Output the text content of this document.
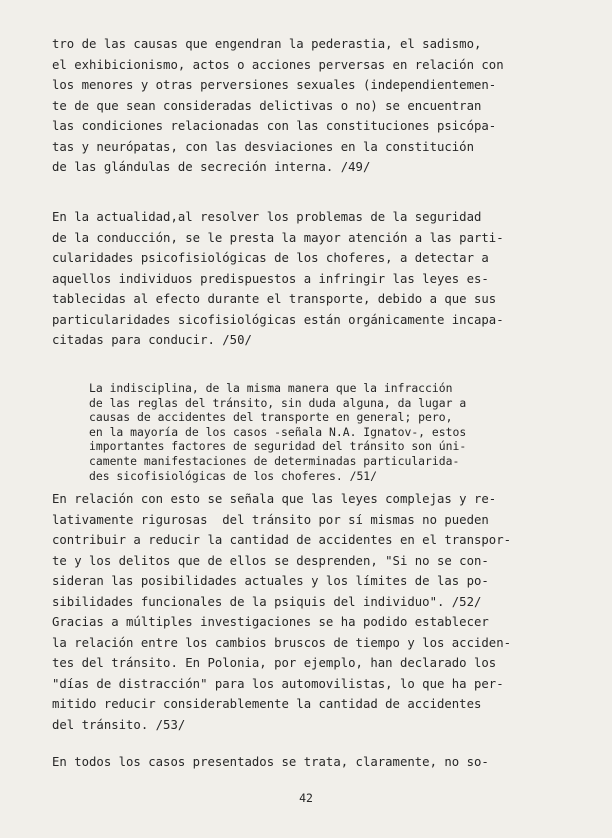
tro de las causas que engendran la pederastia, el sadismo,
el exhibicionismo, actos o acciones perversas en relación con
los menores y otras perversiones sexuales (independientemen-
te de que sean consideradas delictivas o no) se encuentran
las condiciones relacionadas con las constituciones psicópa-
tas y neurópatas, con las desviaciones en la constitución
de las glándulas de secreción interna. /49/
En la actualidad,al resolver los problemas de la seguridad
de la conducción, se le presta la mayor atención a las parti-
cularidades psicofisiológicas de los choferes, a detectar a
aquellos individuos predispuestos a infringir las leyes es-
tablecidas al efecto durante el transporte, debido a que sus
particularidades sicofisiológicas están orgánicamente incapa-
citadas para conducir. /50/
La indisciplina, de la misma manera que la infracción
de las reglas del tránsito, sin duda alguna, da lugar a
causas de accidentes del transporte en general; pero,
en la mayoría de los casos -señala N.A. Ignatov-, estos
importantes factores de seguridad del tránsito son úni-
camente manifestaciones de determinadas particularida-
des sicofisiológicas de los choferes. /51/
En relación con esto se señala que las leyes complejas y re-
lativamente rigurosas  del tránsito por sí mismas no pueden
contribuir a reducir la cantidad de accidentes en el transpor-
te y los delitos que de ellos se desprenden, "Si no se con-
sideran las posibilidades actuales y los límites de las po-
sibilidades funcionales de la psiquis del individuo". /52/
Gracias a múltiples investigaciones se ha podido establecer
la relación entre los cambios bruscos de tiempo y los acciden-
tes del tránsito. En Polonia, por ejemplo, han declarado los
"días de distracción" para los automovilistas, lo que ha per-
mitido reducir considerablemente la cantidad de accidentes
del tránsito. /53/
En todos los casos presentados se trata, claramente, no so-
42
